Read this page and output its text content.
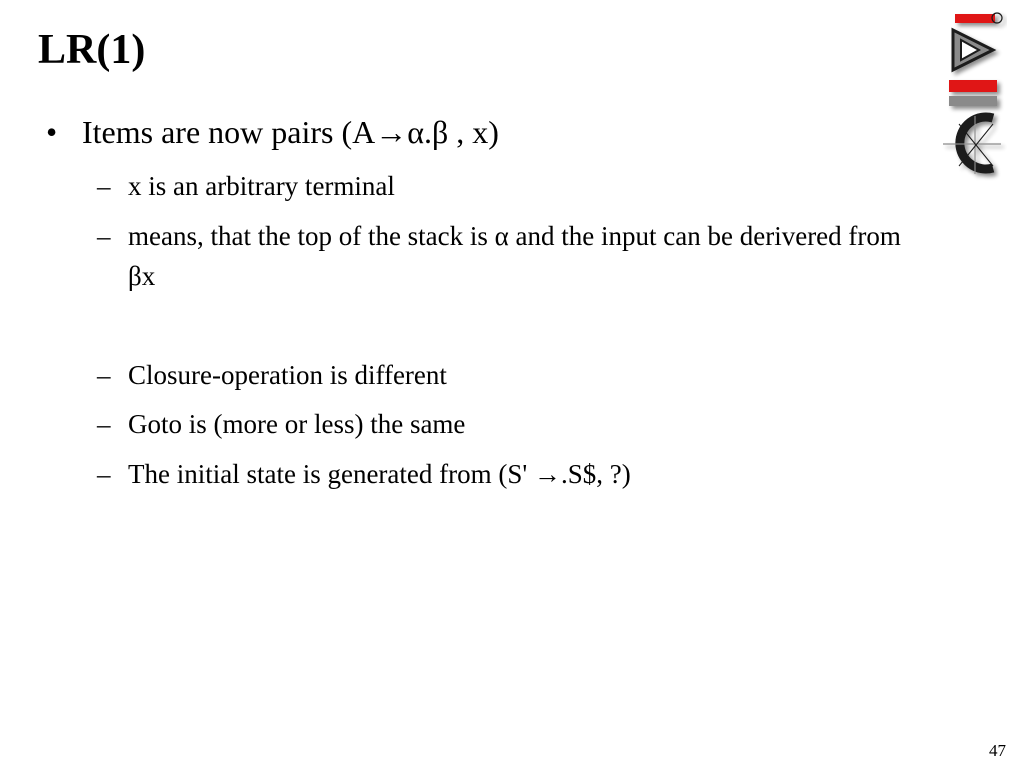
LR(1)
• Items are now pairs (A→α.β , x)
– x is an arbitrary terminal
– means, that the top of the stack is α and the input can be derivered from βx
– Closure-operation is different
– Goto is (more or less) the same
– The initial state is generated from (S' →.S$, ?)
47
